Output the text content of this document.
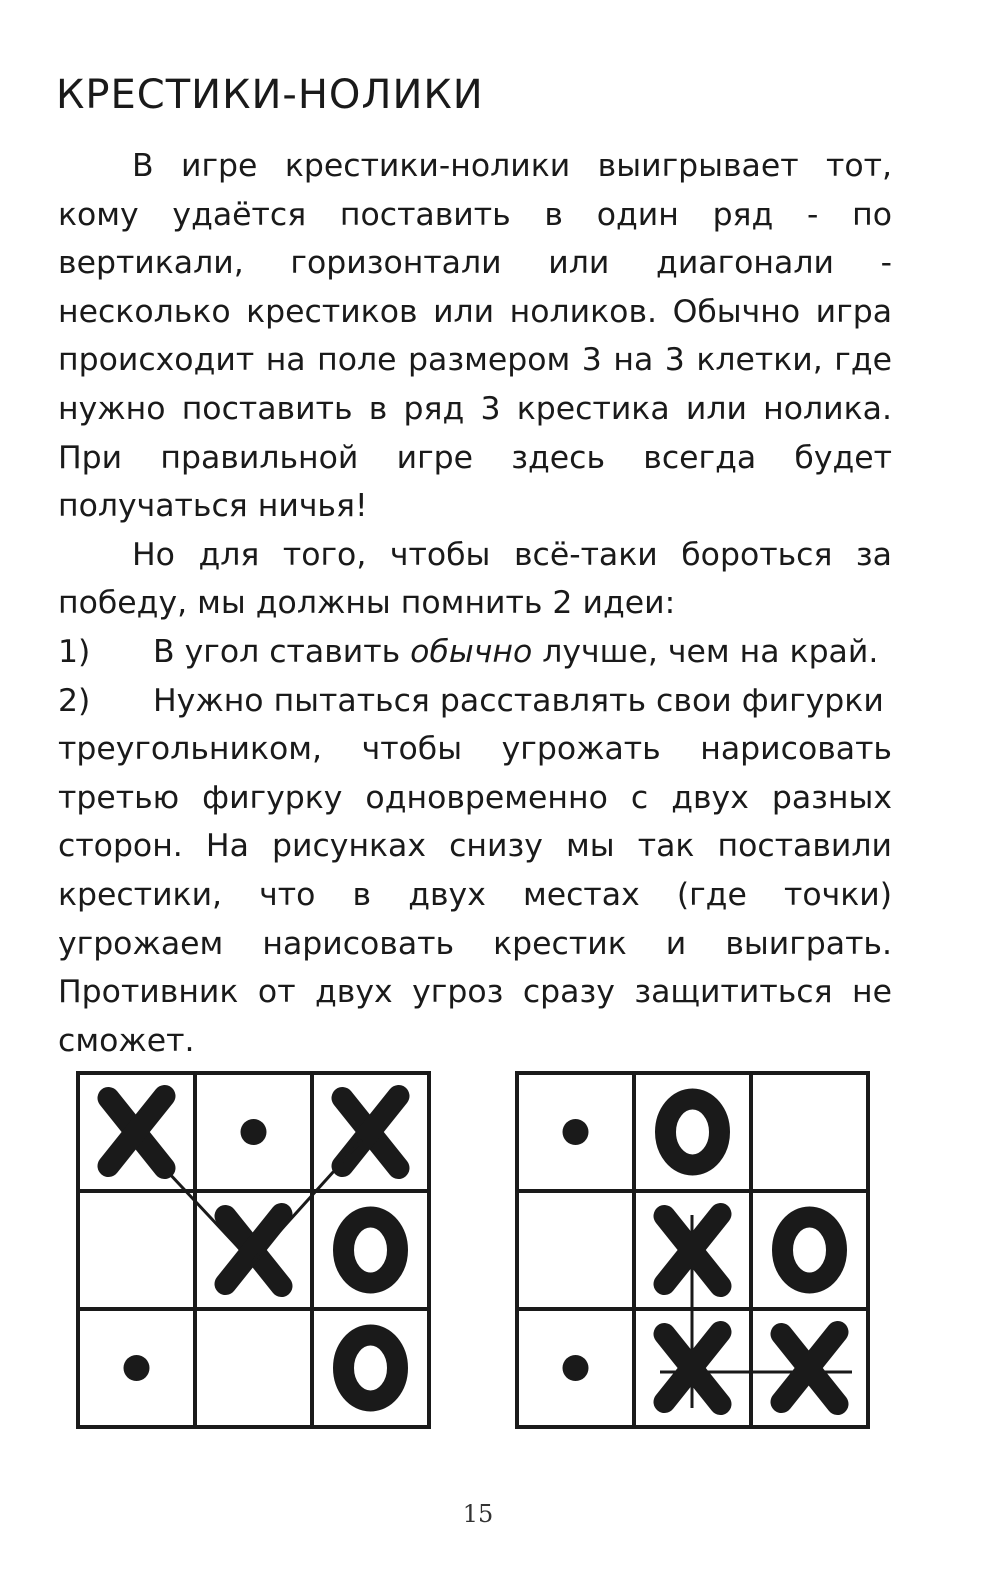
КРЕСТИКИ-НОЛИКИ

В игре крестики-нолики выигрывает тот, кому удаётся поставить в один ряд - по вертикали, горизонтали или диагонали - несколько крестиков или ноликов. Обычно игра происходит на поле размером 3 на 3 клетки, где нужно поставить в ряд 3 крестика или нолика. При правильной игре здесь всегда будет получаться ничья!

Но для того, чтобы всё-таки бороться за победу, мы должны помнить 2 идеи:

1)	В угол ставить обычно лучше, чем на край.

2)	Нужно пытаться расставлять свои фигурки

треугольником, чтобы угрожать нарисовать третью фигурку одновременно с двух разных сторон. На рисунках снизу мы так поставили крестики, что в двух местах (где точки) угрожаем нарисовать крестик и выиграть. Противник от двух угроз сразу защититься не сможет.

15
